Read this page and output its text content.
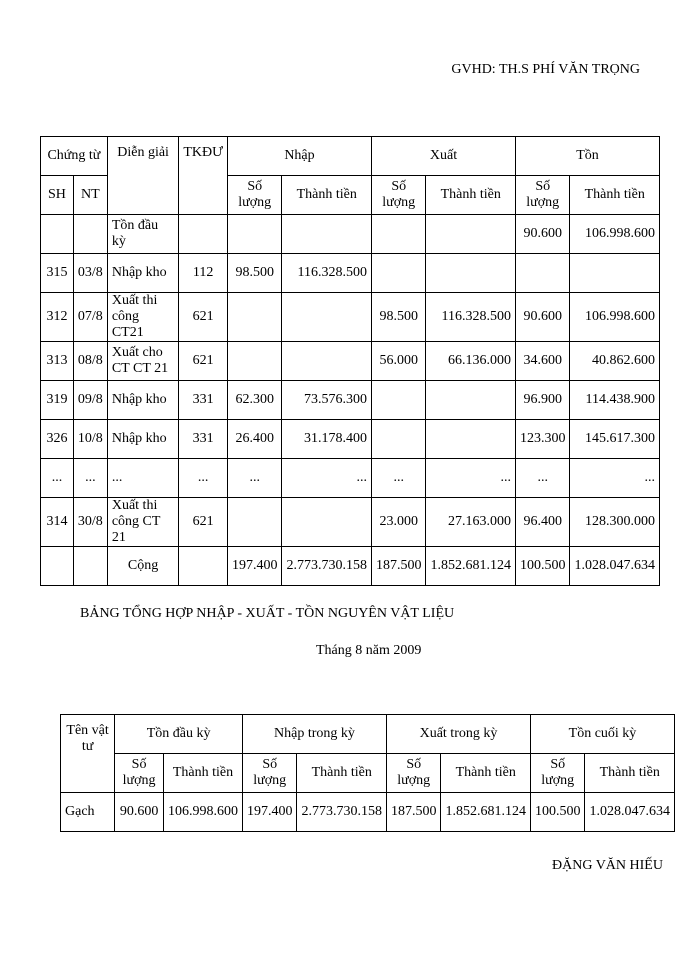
GVHD: TH.S PHÍ VĂN TRỌNG
Chứng từ		Diễn giải	TKĐƯ	Nhập		Xuất		Tồn	
SH	NT			Số lượng	Thành tiền	Số lượng	Thành tiền	Số lượng	Thành tiền
		Tồn đầu kỳ						90.600	106.998.600
315	03/8	Nhập kho	112	98.500	116.328.500				
312	07/8	Xuất thi công CT21	621			98.500	116.328.500	90.600	106.998.600
313	08/8	Xuất cho CT CT 21	621			56.000	66.136.000	34.600	40.862.600
319	09/8	Nhập kho	331	62.300	73.576.300			96.900	114.438.900
326	10/8	Nhập kho	331	26.400	31.178.400			123.300	145.617.300
...	...	...	...	...	...	...	...	...	...
314	30/8	Xuất thi công CT 21	621			23.000	27.163.000	96.400	128.300.000
		Cộng		197.400	2.773.730.158	187.500	1.852.681.124	100.500	1.028.047.634
BẢNG TỔNG HỢP NHẬP - XUẤT - TỒN NGUYÊN VẬT LIỆU
Tháng 8 năm 2009
Tên vật tư	Tồn đầu kỳ		Nhập trong kỳ		Xuất trong kỳ		Tồn cuối kỳ	
	Số lượng	Thành tiền	Số lượng	Thành tiền	Số lượng	Thành tiền	Số lượng	Thành tiền
Gạch	90.600	106.998.600	197.400	2.773.730.158	187.500	1.852.681.124	100.500	1.028.047.634
ĐẶNG VĂN HIẾU
